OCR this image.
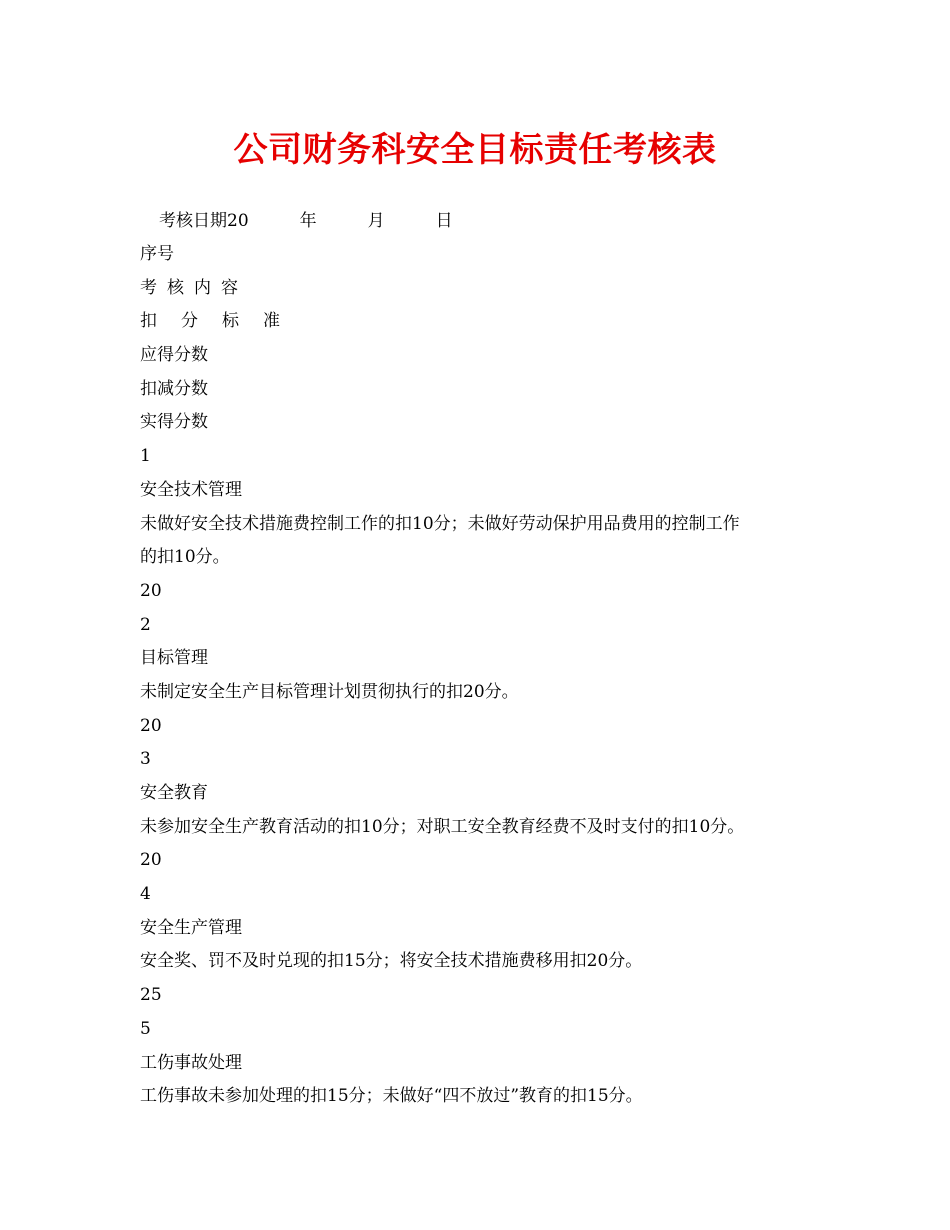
公司财务科安全目标责任考核表
考核日期20　　　年　　　月　　　日
序号
考核内容
扣分标准
应得分数
扣减分数
实得分数
1
安全技术管理
未做好安全技术措施费控制工作的扣10分；未做好劳动保护用品费用的控制工作
的扣10分。
20
2
目标管理
未制定安全生产目标管理计划贯彻执行的扣20分。
20
3
安全教育
未参加安全生产教育活动的扣10分；对职工安全教育经费不及时支付的扣10分。
20
4
安全生产管理
安全奖、罚不及时兑现的扣15分；将安全技术措施费移用扣20分。
25
5
工伤事故处理
工伤事故未参加处理的扣15分；未做好“四不放过”教育的扣15分。
